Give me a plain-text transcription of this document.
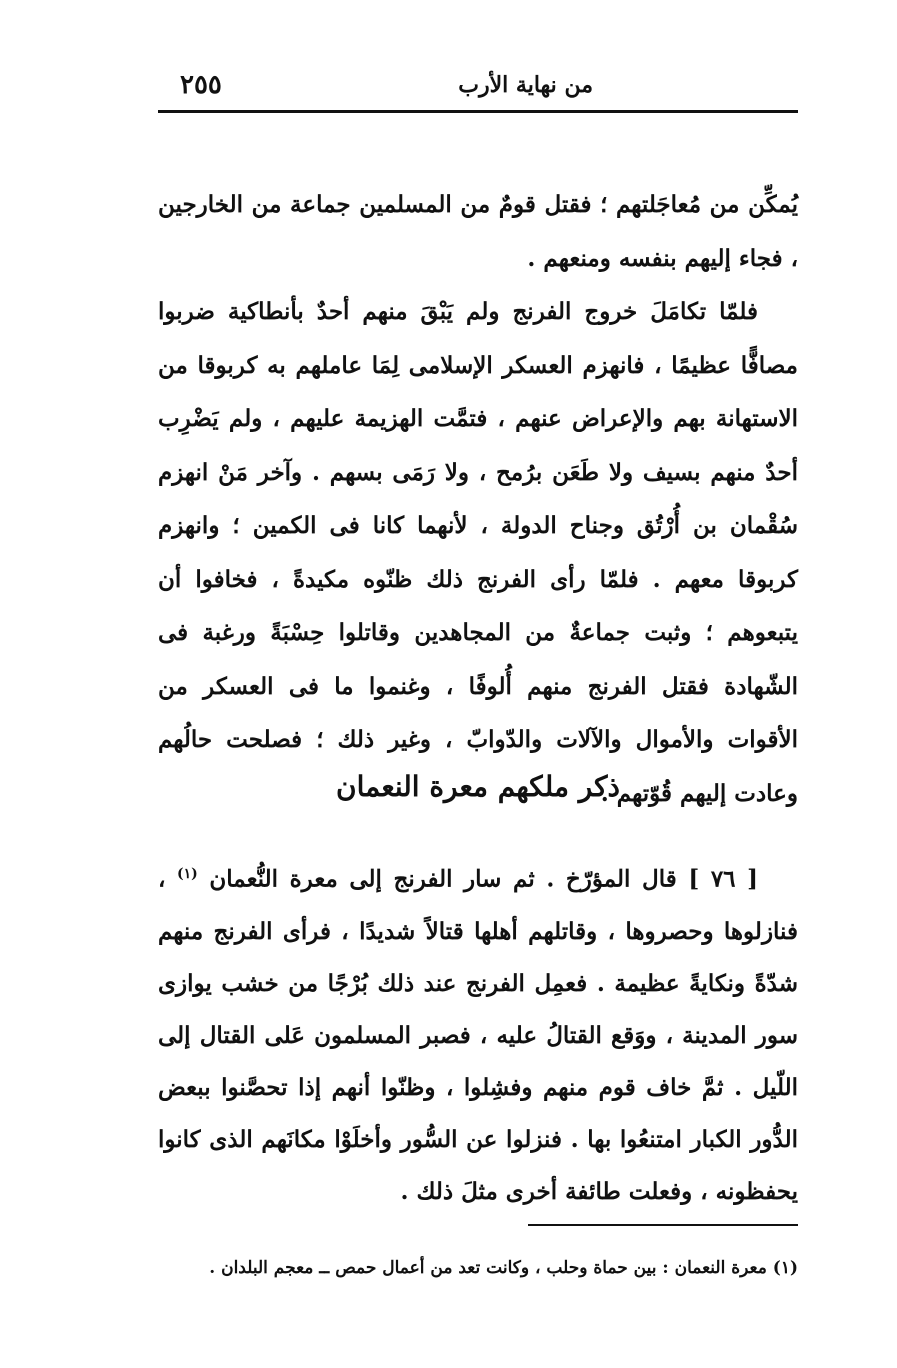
من نهاية الأرب
٢٥٥

يُمكِّن من مُعاجَلتهم ؛ فقتل قومٌ من المسلمين جماعة من الخارجين ، فجاء إليهم بنفسه ومنعهم .

فلمّا تكامَلَ خروج الفرنج ولم يَبْقَ منهم أحدٌ بأنطاكية ضربوا مصافًّا عظيمًا ، فانهزم العسكر الإسلامى لِمَا عاملهم به كربوقا من الاستهانة بهم والإعراض عنهم ، فتمَّت الهزيمة عليهم ، ولم يَضْرِب أحدٌ منهم بسيف ولا طَعَن برُمح ، ولا رَمَى بسهم . وآخر مَنْ انهزم سُقْمان بن أُرْتُق وجناح الدولة ، لأنهما كانا فى الكمين ؛ وانهزم كربوقا معهم . فلمّا رأى الفرنج ذلك ظنّوه مكيدةً ، فخافوا أن يتبعوهم ؛ وثبت جماعةٌ من المجاهدين وقاتلوا حِسْبَةً ورغبة فى الشّهادة فقتل الفرنج منهم أُلوفًا ، وغنموا ما فى العسكر من الأقوات والأموال والآلات والدّوابّ ، وغير ذلك ؛ فصلحت حالُهم وعادت إليهم قُوّتهم .

ذكر ملكهم معرة النعمان

[ ٧٦ ] قال المؤرّخ . ثم سار الفرنج إلى معرة النُّعمان $^{(١)}$ ، فنازلوها وحصروها ، وقاتلهم أهلها قتالاً شديدًا ، فرأى الفرنج منهم شدّةً ونكايةً عظيمة . فعمِل الفرنج عند ذلك بُرْجًا من خشب يوازى سور المدينة ، ووَقع القتالُ عليه ، فصبر المسلمون عَلى القتال إلى اللّيل . ثمَّ خاف قوم منهم وفشِلوا ، وظنّوا أنهم إذا تحصَّنوا ببعض الدُّور الكبار امتنعُوا بها . فنزلوا عن السُّور وأخلَوْا مكانَهم الذى كانوا يحفظونه ، وفعلت طائفة أخرى مثلَ ذلك .

(١) معرة النعمان : بين حماة وحلب ، وكانت تعد من أعمال حمص ــ معجم البلدان .
